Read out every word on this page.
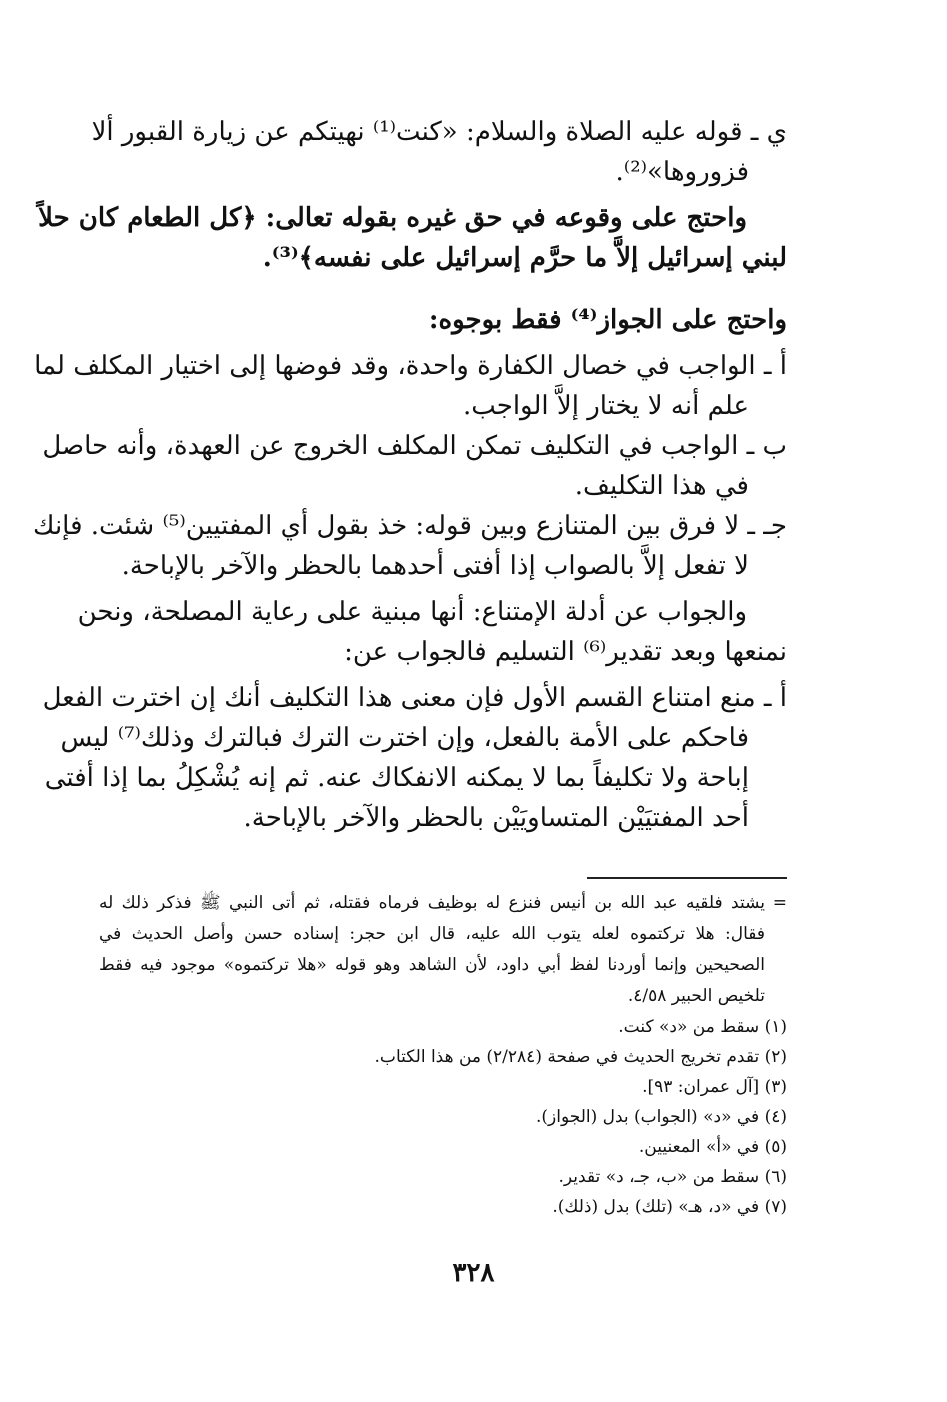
ي ـ قوله عليه الصلاة والسلام: «كنت⁽¹⁾ نهيتكم عن زيارة القبور ألا
فزوروها»⁽²⁾.
واحتج على وقوعه في حق غيره بقوله تعالى: ﴿كل الطعام كان حلاً
لبني إسرائيل إلاَّ ما حرَّم إسرائيل على نفسه﴾⁽³⁾.
واحتج على الجواز⁽⁴⁾ فقط بوجوه:
أ ـ الواجب في خصال الكفارة واحدة، وقد فوضها إلى اختيار المكلف لما
علم أنه لا يختار إلاَّ الواجب.
ب ـ الواجب في التكليف تمكن المكلف الخروج عن العهدة، وأنه حاصل
في هذا التكليف.
جـ ـ لا فرق بين المتنازع وبين قوله: خذ بقول أي المفتيين⁽⁵⁾ شئت. فإنك
لا تفعل إلاَّ بالصواب إذا أفتى أحدهما بالحظر والآخر بالإباحة.
والجواب عن أدلة الإمتناع: أنها مبنية على رعاية المصلحة، ونحن
نمنعها وبعد تقدير⁽⁶⁾ التسليم فالجواب عن:
أ ـ منع امتناع القسم الأول فإن معنى هذا التكليف أنك إن اخترت الفعل
فاحكم على الأمة بالفعل، وإن اخترت الترك فبالترك وذلك⁽⁷⁾ ليس
إباحة ولا تكليفاً بما لا يمكنه الانفكاك عنه. ثم إنه يُشْكِلُ بما إذا أفتى
أحد المفتيَيْن المتساويَيْن بالحظر والآخر بالإباحة.
=
يشتد فلقيه عبد الله بن أنيس فنزع له بوظيف فرماه فقتله، ثم أتى النبي ﷺ فذكر ذلك له
فقال: هلا تركتموه لعله يتوب الله عليه، قال ابن حجر: إسناده حسن وأصل الحديث في
الصحيحين وإنما أوردنا لفظ أبي داود، لأن الشاهد وهو قوله «هلا تركتموه» موجود فيه فقط
تلخيص الحبير ٤/٥٨.
(١) سقط من «د» كنت.
(٢) تقدم تخريج الحديث في صفحة (٢/٢٨٤) من هذا الكتاب.
(٣) [آل عمران: ٩٣].
(٤) في «د» (الجواب) بدل (الجواز).
(٥) في «أ» المعنيين.
(٦) سقط من «ب، جـ، د» تقدير.
(٧) في «د، هـ» (تلك) بدل (ذلك).
٣٢٨
